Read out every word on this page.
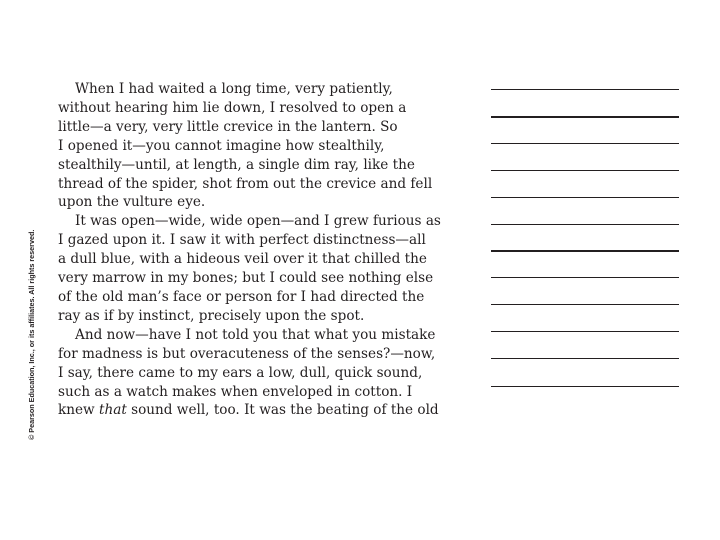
© Pearson Education, Inc., or its affiliates. All rights reserved.

When I had waited a long time, very patiently,
without hearing him lie down, I resolved to open a
little—a very, very little crevice in the lantern. So
I opened it—you cannot imagine how stealthily,
stealthily—until, at length, a single dim ray, like the
thread of the spider, shot from out the crevice and fell
upon the vulture eye.

It was open—wide, wide open—and I grew furious as
I gazed upon it. I saw it with perfect distinctness—all
a dull blue, with a hideous veil over it that chilled the
very marrow in my bones; but I could see nothing else
of the old man’s face or person for I had directed the
ray as if by instinct, precisely upon the spot.

And now—have I not told you that what you mistake
for madness is but overacuteness of the senses?—now,
I say, there came to my ears a low, dull, quick sound,
such as a watch makes when enveloped in cotton. I
knew that sound well, too. It was the beating of the old
